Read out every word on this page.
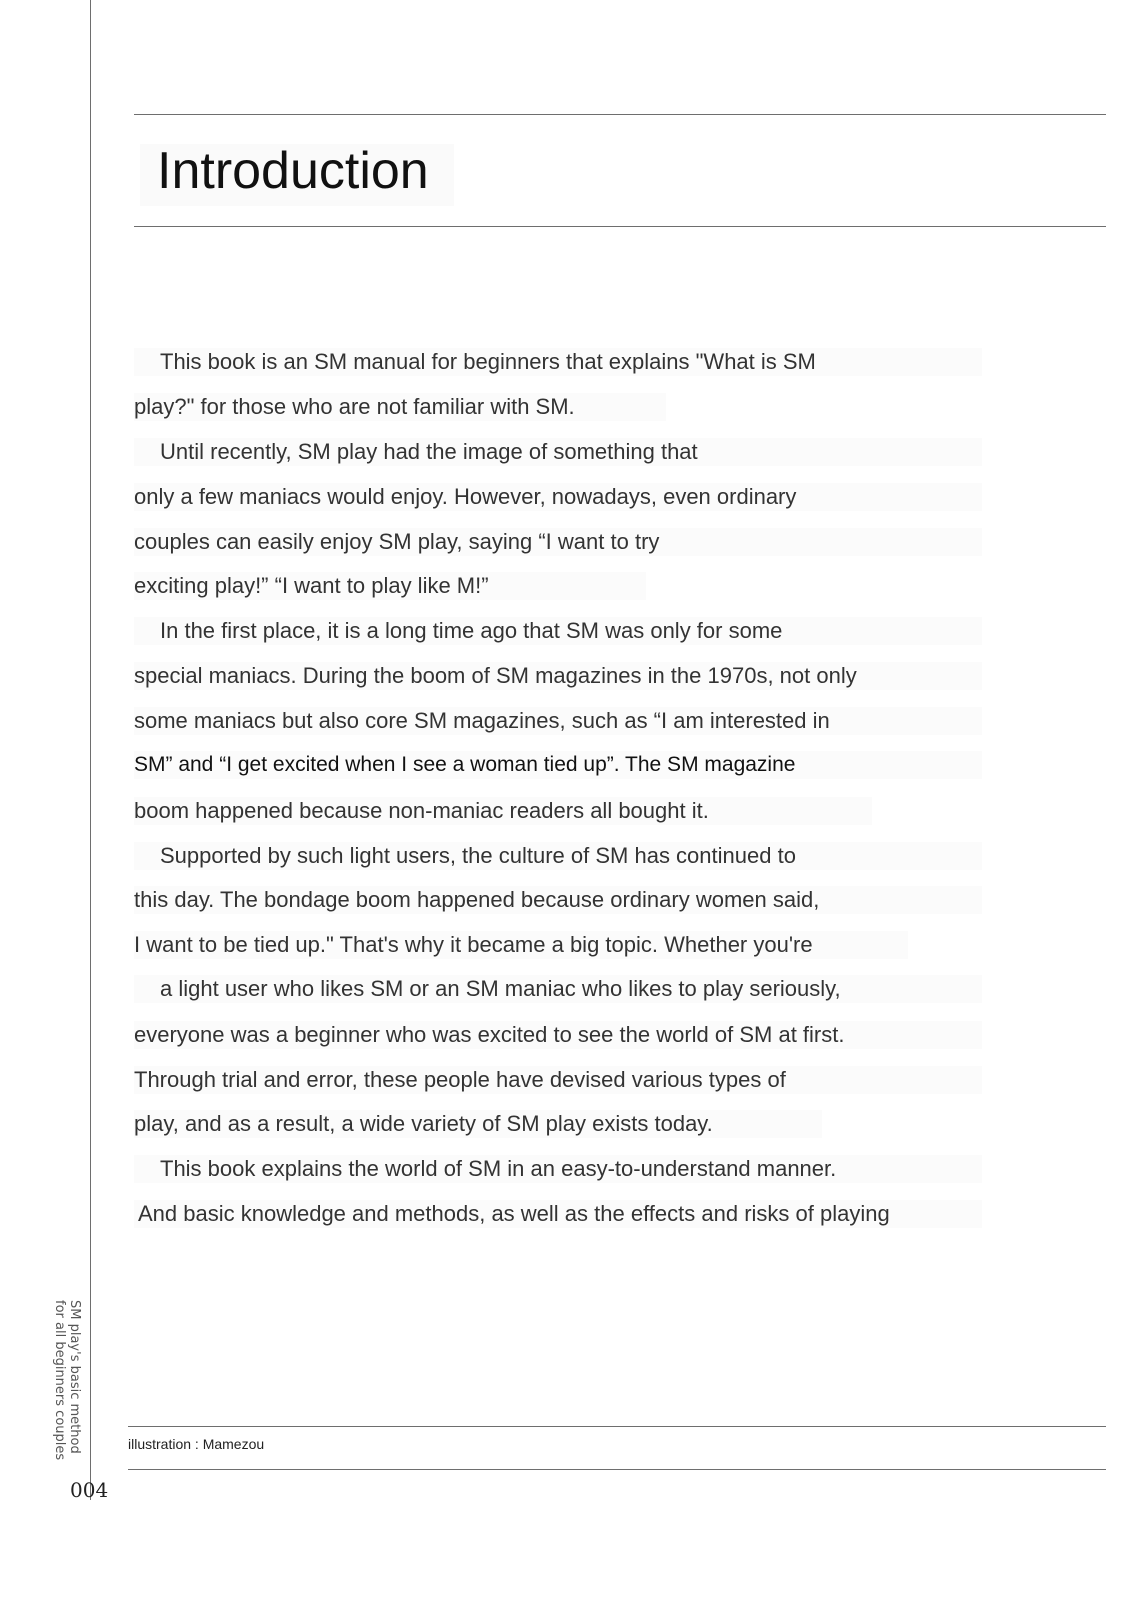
Introduction
This book is an SM manual for beginners that explains "What is SM
play?" for those who are not familiar with SM.
Until recently, SM play had the image of something that
only a few maniacs would enjoy. However, nowadays, even ordinary
couples can easily enjoy SM play, saying “I want to try
exciting play!” “I want to play like M!”
In the first place, it is a long time ago that SM was only for some
special maniacs. During the boom of SM magazines in the 1970s, not only
some maniacs but also core SM magazines, such as “I am interested in
SM” and “I get excited when I see a woman tied up”. The SM magazine
boom happened because non-maniac readers all bought it.
Supported by such light users, the culture of SM has continued to
this day. The bondage boom happened because ordinary women said,
I want to be tied up." That's why it became a big topic. Whether you're
a light user who likes SM or an SM maniac who likes to play seriously,
everyone was a beginner who was excited to see the world of SM at first.
Through trial and error, these people have devised various types of
play, and as a result, a wide variety of SM play exists today.
This book explains the world of SM in an easy-to-understand manner.
And basic knowledge and methods, as well as the effects and risks of playing
SM play's basic method
for all beginners couples	illustration : Mamezou
004
